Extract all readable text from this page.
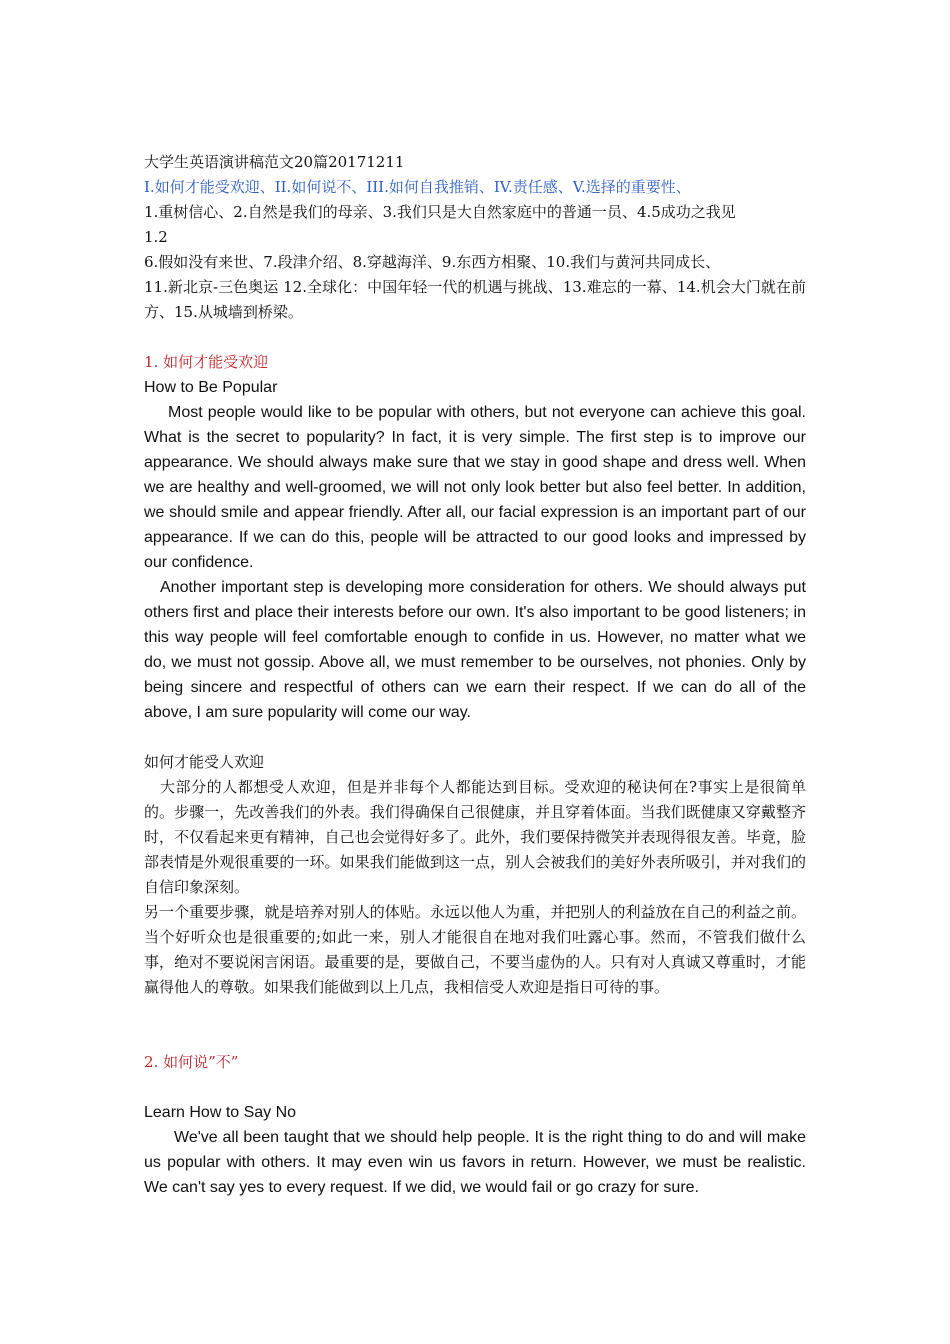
大学生英语演讲稿范文20篇20171211
I.如何才能受欢迎、II.如何说不、III.如何自我推销、IV.责任感、V.选择的重要性、
1.重树信心、2.自然是我们的母亲、3.我们只是大自然家庭中的普通一员、4.5成功之我见
1.2
6.假如没有来世、7.段津介绍、8.穿越海洋、9.东西方相聚、10.我们与黄河共同成长、
11.新北京-三色奥运 12.全球化：中国年轻一代的机遇与挑战、13.难忘的一幕、14.机会大门就在前方、15.从城墙到桥梁。
1. 如何才能受欢迎
How to Be Popular

Most people would like to be popular with others, but not everyone can achieve this goal. What is the secret to popularity? In fact, it is very simple. The first step is to improve our appearance. We should always make sure that we stay in good shape and dress well. When we are healthy and well-groomed, we will not only look better but also feel better. In addition, we should smile and appear friendly. After all, our facial expression is an important part of our appearance. If we can do this, people will be attracted to our good looks and impressed by our confidence.

Another important step is developing more consideration for others. We should always put others first and place their interests before our own. It's also important to be good listeners; in this way people will feel comfortable enough to confide in us. However, no matter what we do, we must not gossip. Above all, we must remember to be ourselves, not phonies. Only by being sincere and respectful of others can we earn their respect. If we can do all of the above, I am sure popularity will come our way.

如何才能受人欢迎

大部分的人都想受人欢迎，但是并非每个人都能达到目标。受欢迎的秘诀何在?事实上是很简单的。步骤一，先改善我们的外表。我们得确保自己很健康，并且穿着体面。当我们既健康又穿戴整齐时，不仅看起来更有精神，自己也会觉得好多了。此外，我们要保持微笑并表现得很友善。毕竟，脸部表情是外观很重要的一环。如果我们能做到这一点，别人会被我们的美好外表所吸引，并对我们的自信印象深刻。

另一个重要步骤，就是培养对别人的体贴。永远以他人为重，并把别人的利益放在自己的利益之前。当个好听众也是很重要的;如此一来，别人才能很自在地对我们吐露心事。然而，不管我们做什么事，绝对不要说闲言闲语。最重要的是，要做自己，不要当虚伪的人。只有对人真诚又尊重时，才能赢得他人的尊敬。如果我们能做到以上几点，我相信受人欢迎是指日可待的事。

2. 如何说”不”
Learn How to Say No

We've all been taught that we should help people. It is the right thing to do and will make us popular with others. It may even win us favors in return. However, we must be realistic. We can't say yes to every request. If we did, we would fail or go crazy for sure.
